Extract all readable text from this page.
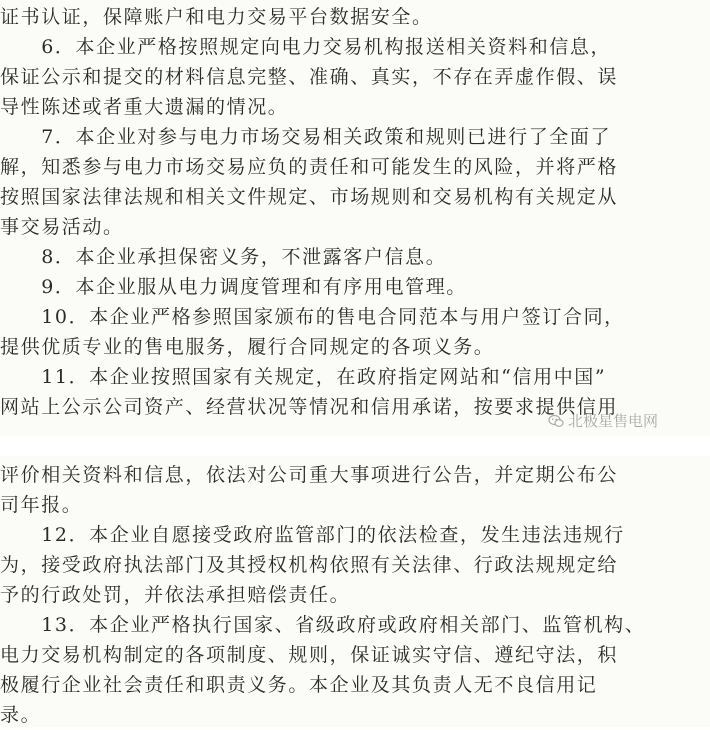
证书认证，保障账户和电力交易平台数据安全。
　　6．本企业严格按照规定向电力交易机构报送相关资料和信息，
保证公示和提交的材料信息完整、准确、真实，不存在弄虚作假、误
导性陈述或者重大遗漏的情况。
　　7．本企业对参与电力市场交易相关政策和规则已进行了全面了
解，知悉参与电力市场交易应负的责任和可能发生的风险，并将严格
按照国家法律法规和相关文件规定、市场规则和交易机构有关规定从
事交易活动。
　　8．本企业承担保密义务，不泄露客户信息。
　　9．本企业服从电力调度管理和有序用电管理。
　　10．本企业严格参照国家颁布的售电合同范本与用户签订合同，
提供优质专业的售电服务，履行合同规定的各项义务。
　　11．本企业按照国家有关规定，在政府指定网站和“信用中国”
网站上公示公司资产、经营状况等情况和信用承诺，按要求提供信用
北极星售电网
评价相关资料和信息，依法对公司重大事项进行公告，并定期公布公
司年报。
　　12．本企业自愿接受政府监管部门的依法检查，发生违法违规行
为，接受政府执法部门及其授权机构依照有关法律、行政法规规定给
予的行政处罚，并依法承担赔偿责任。
　　13．本企业严格执行国家、省级政府或政府相关部门、监管机构、
电力交易机构制定的各项制度、规则，保证诚实守信、遵纪守法，积
极履行企业社会责任和职责义务。本企业及其负责人无不良信用记
录。
